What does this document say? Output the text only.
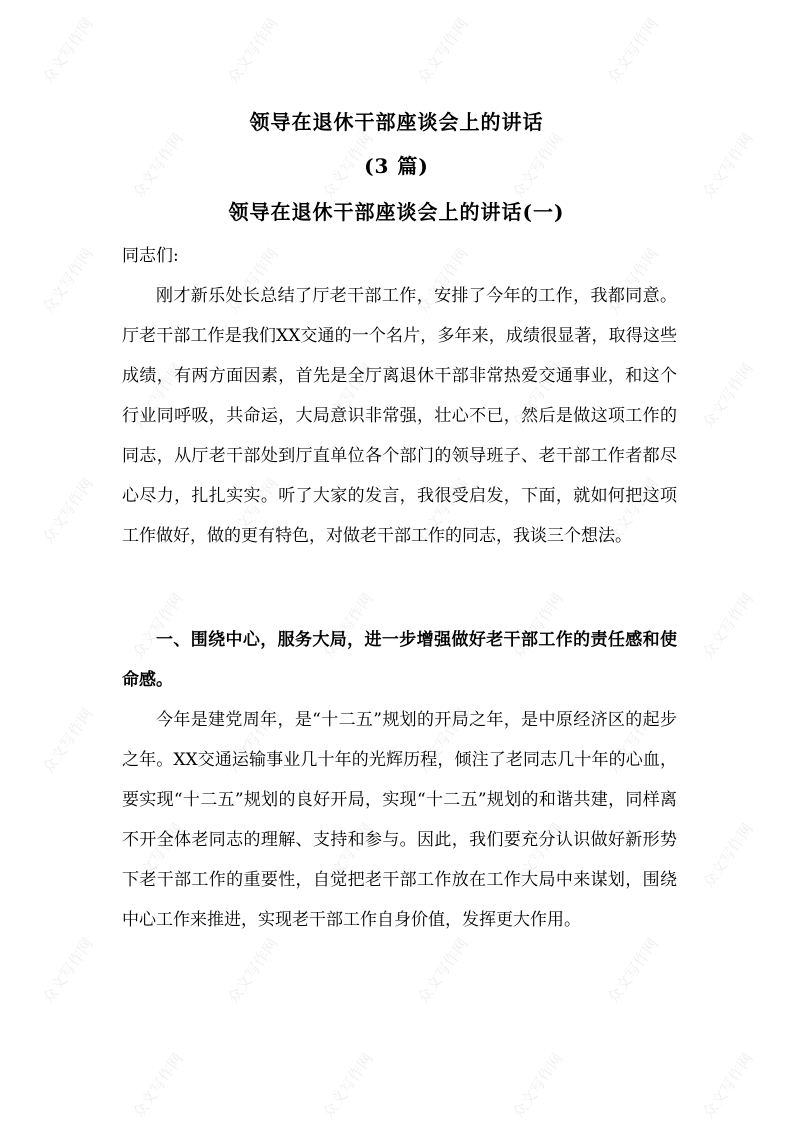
领导在退休干部座谈会上的讲话
(3 篇)
领导在退休干部座谈会上的讲话(一)
同志们:
刚才新乐处长总结了厅老干部工作，安排了今年的工作，我都同意。厅老干部工作是我们XX交通的一个名片，多年来，成绩很显著，取得这些成绩，有两方面因素，首先是全厅离退休干部非常热爱交通事业，和这个行业同呼吸，共命运，大局意识非常强，壮心不已，然后是做这项工作的同志，从厅老干部处到厅直单位各个部门的领导班子、老干部工作者都尽心尽力，扎扎实实。听了大家的发言，我很受启发，下面，就如何把这项工作做好，做的更有特色，对做老干部工作的同志，我谈三个想法。
一、围绕中心，服务大局，进一步增强做好老干部工作的责任感和使命感。
今年是建党周年，是“十二五”规划的开局之年，是中原经济区的起步之年。XX交通运输事业几十年的光辉历程，倾注了老同志几十年的心血，要实现“十二五”规划的良好开局，实现“十二五”规划的和谐共建，同样离不开全体老同志的理解、支持和参与。因此，我们要充分认识做好新形势下老干部工作的重要性，自觉把老干部工作放在工作大局中来谋划，围绕中心工作来推进，实现老干部工作自身价值，发挥更大作用。
众文写作网	众文写作网	众文写作网	众文写作网
众文写作网	众文写作网	众文写作网	众文写作网
众文写作网	众文写作网	众文写作网	众文写作网
众文写作网	众文写作网	众文写作网	众文写作网
众文写作网	众文写作网	众文写作网	众文写作网
众文写作网	众文写作网	众文写作网	众文写作网
众文写作网	众文写作网	众文写作网	众文写作网
众文写作网	众文写作网	众文写作网	众文写作网
众文写作网	众文写作网	众文写作网	众文写作网
众文写作网	众文写作网	众文写作网	众文写作网
